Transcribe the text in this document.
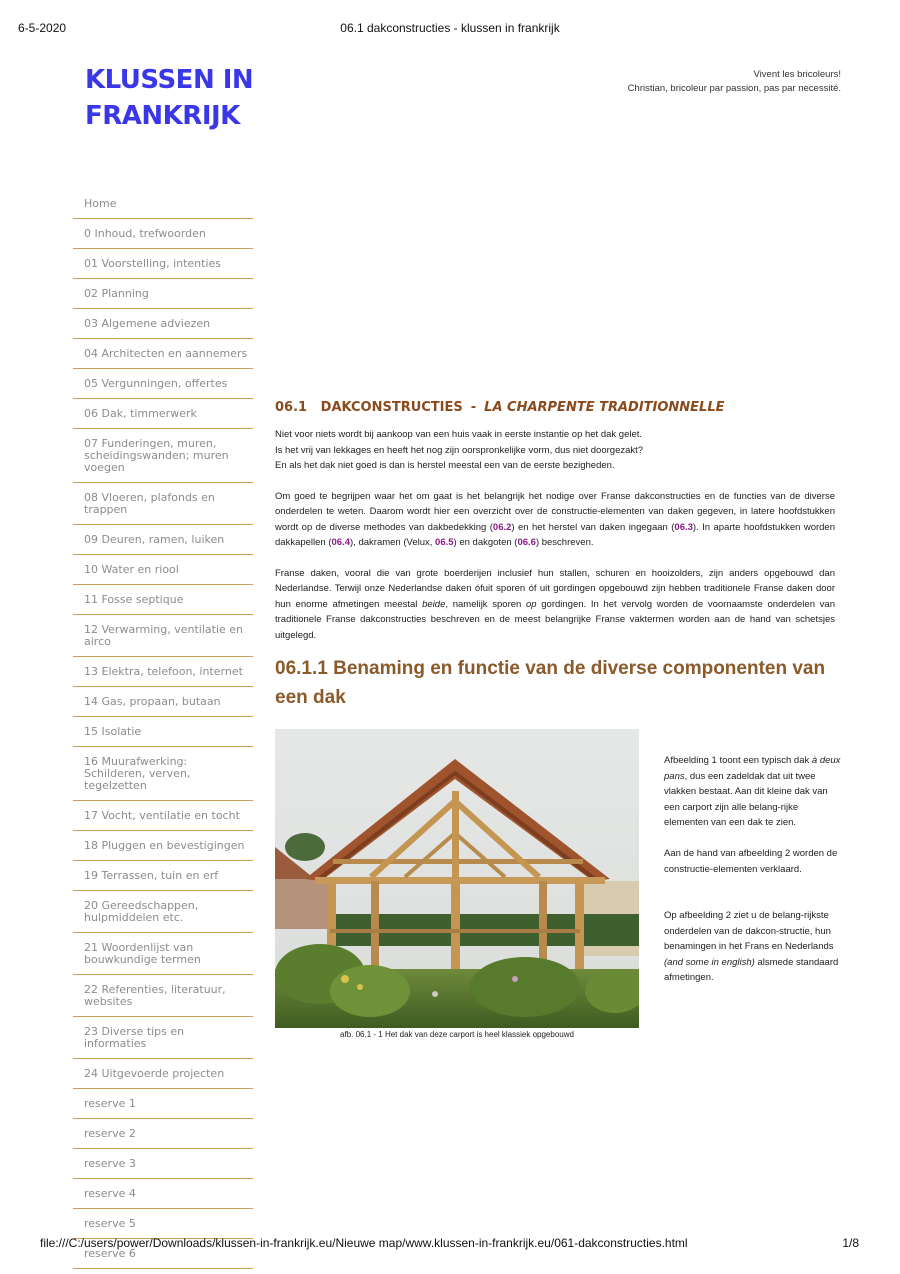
6-5-2020	06.1 dakconstructies - klussen in frankrijk
KLUSSEN IN
FRANKRIJK
Vivent les bricoleurs!
Christian, bricoleur par passion, pas par necessité.
Home
0 Inhoud, trefwoorden
01 Voorstelling, intenties
02 Planning
03 Algemene adviezen
04 Architecten en aannemers
05 Vergunningen, offertes
06 Dak, timmerwerk
07 Funderingen, muren, scheidingswanden; muren voegen
08 Vloeren, plafonds en trappen
09 Deuren, ramen, luiken
10 Water en riool
11 Fosse septique
12 Verwarming, ventilatie en airco
13 Elektra, telefoon, internet
14 Gas, propaan, butaan
15 Isolatie
16 Muurafwerking: Schilderen, verven, tegelzetten
17 Vocht, ventilatie en tocht
18 Pluggen en bevestigingen
19 Terrassen, tuin en erf
20 Gereedschappen, hulpmiddelen etc.
21 Woordenlijst van bouwkundige termen
22 Referenties, literatuur, websites
23 Diverse tips en informaties
24 Uitgevoerde projecten
reserve 1
reserve 2
reserve 3
reserve 4
reserve 5
reserve 6
06.1 DAKCONSTRUCTIES - LA CHARPENTE TRADITIONNELLE

Niet voor niets wordt bij aankoop van een huis vaak in eerste instantie op het dak gelet.
Is het vrij van lekkages en heeft het nog zijn oorspronkelijke vorm, dus niet doorgezakt?
En als het dak niet goed is dan is herstel meestal een van de eerste bezigheden.

Om goed te begrijpen waar het om gaat is het belangrijk het nodige over Franse dakconstructies en de functies van de diverse onderdelen te weten. Daarom wordt hier een overzicht over de constructie-elementen van daken gegeven, in latere hoofdstukken wordt op de diverse methodes van dakbedekking (06.2) en het herstel van daken ingegaan (06.3). In aparte hoofdstukken worden dakkapellen (06.4), dakramen (Velux, 06.5) en dakgoten (06.6) beschreven.

Franse daken, vooral die van grote boerderijen inclusief hun stallen, schuren en hooizolders, zijn anders opgebouwd dan Nederlandse. Terwijl onze Nederlandse daken ófuit sporen óf uit gordingen opgebouwd zijn hebben traditionele Franse daken door hun enorme afmetingen meestal beide, namelijk sporen op gordingen. In het vervolg worden de voornaamste onderdelen van traditionele Franse dakconstructies beschreven en de meest belangrijke Franse vaktermen worden aan de hand van schetsjes uitgelegd.

06.1.1 Benaming en functie van de diverse componenten van een dak
afb. 06.1 - 1 Het dak van deze carport is heel klassiek opgebouwd

Afbeelding 1 toont een typisch dak à deux pans, dus een zadeldak dat uit twee vlakken bestaat. Aan dit kleine dak van een carport zijn alle belang-rijke elementen van een dak te zien.

Aan de hand van afbeelding 2 worden de constructie-elementen verklaard.

Op afbeelding 2 ziet u de belang-rijkste onderdelen van de dakcon-structie, hun benamingen in het Frans en Nederlands (and some in english) alsmede standaard afmetingen.

file:///C:/users/power/Downloads/klussen-in-frankrijk.eu/Nieuwe map/www.klussen-in-frankrijk.eu/061-dakconstructies.html	1/8
